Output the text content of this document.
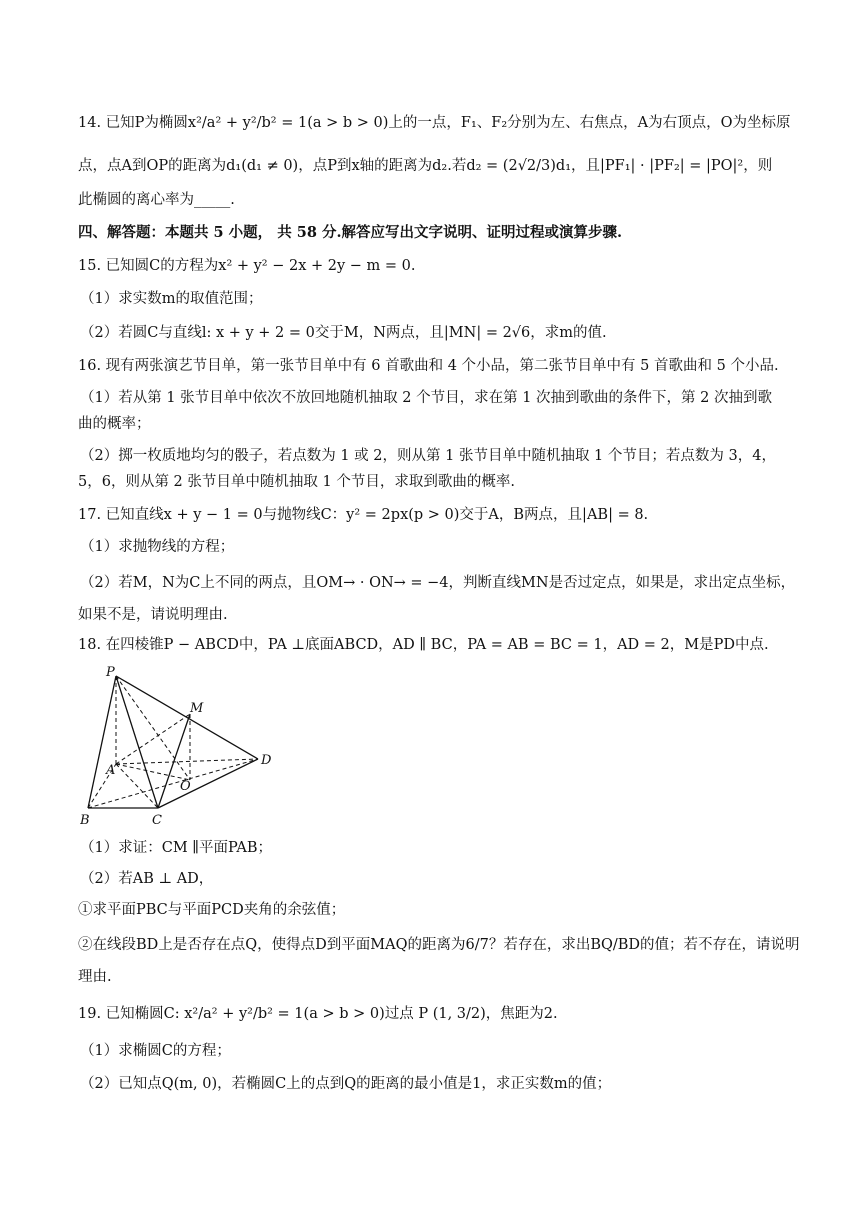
14. 已知P为椭圆x²/a² + y²/b² = 1(a > b > 0)上的一点，F₁、F₂分别为左、右焦点，A为右顶点，O为坐标原
点，点A到OP的距离为d₁(d₁ ≠ 0)，点P到x轴的距离为d₂.若d₂ = (2√2/3)d₁，且|PF₁| · |PF₂| = |PO|²，则
此椭圆的离心率为_____.
四、解答题：本题共 5 小题， 共 58 分.解答应写出文字说明、证明过程或演算步骤.
15. 已知圆C的方程为x² + y² − 2x + 2y − m = 0.
（1）求实数m的取值范围；
（2）若圆C与直线l: x + y + 2 = 0交于M，N两点，且|MN| = 2√6，求m的值.
16. 现有两张演艺节目单，第一张节目单中有 6 首歌曲和 4 个小品，第二张节目单中有 5 首歌曲和 5 个小品.
（1）若从第 1 张节目单中依次不放回地随机抽取 2 个节目，求在第 1 次抽到歌曲的条件下，第 2 次抽到歌
曲的概率；
（2）掷一枚质地均匀的骰子，若点数为 1 或 2，则从第 1 张节目单中随机抽取 1 个节目；若点数为 3，4，
5，6，则从第 2 张节目单中随机抽取 1 个节目，求取到歌曲的概率.
17. 已知直线x + y − 1 = 0与抛物线C：y² = 2px(p > 0)交于A，B两点，且|AB| = 8.
（1）求抛物线的方程；
（2）若M，N为C上不同的两点，且OM→ · ON→ = −4，判断直线MN是否过定点，如果是，求出定点坐标，
如果不是，请说明理由.
18. 在四棱锥P − ABCD中，PA ⊥底面ABCD，AD ∥ BC，PA = AB = BC = 1，AD = 2，M是PD中点.
P
M
A
D
O
B	C
（1）求证：CM ∥平面PAB；
（2）若AB ⊥ AD，
①求平面PBC与平面PCD夹角的余弦值；
②在线段BD上是否存在点Q，使得点D到平面MAQ的距离为6/7？若存在，求出BQ/BD的值；若不存在，请说明
理由.
19. 已知椭圆C: x²/a² + y²/b² = 1(a > b > 0)过点 P (1, 3/2)，焦距为2.
（1）求椭圆C的方程；
（2）已知点Q(m, 0)，若椭圆C上的点到Q的距离的最小值是1，求正实数m的值；
